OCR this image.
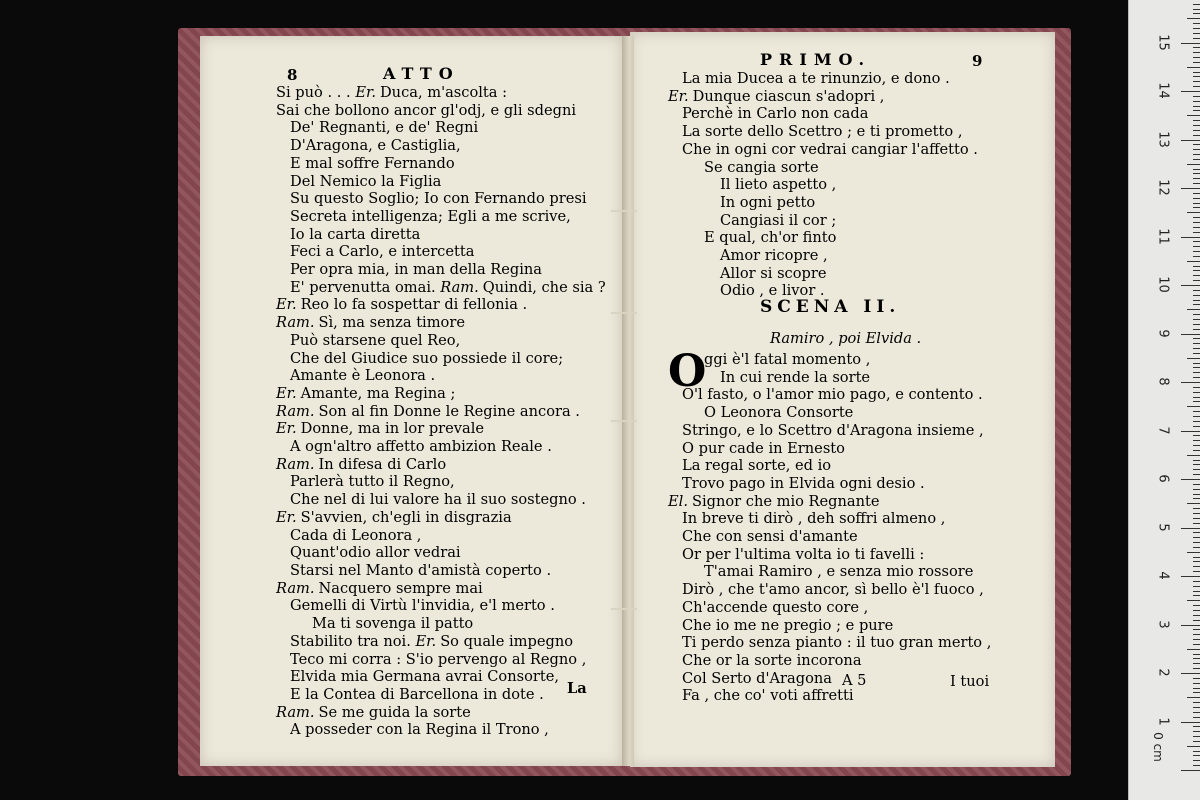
8	ATTO
Si può . . . Er. Duca, m'ascolta :
Sai che bollono ancor gl'odj, e gli sdegni
De' Regnanti, e de' Regni
D'Aragona, e Castiglia,
E mal soffre Fernando
Del Nemico la Figlia
Su questo Soglio; Io con Fernando presi
Secreta intelligenza; Egli a me scrive,
Io la carta diretta
Feci a Carlo, e intercetta
Per opra mia, in man della Regina
E' pervenutta omai. Ram. Quindi, che sia ?
Er. Reo lo fa sospettar di fellonia .
Ram. Sì, ma senza timore
Può starsene quel Reo,
Che del Giudice suo possiede il core;
Amante è Leonora .
Er. Amante, ma Regina ;
Ram. Son al fin Donne le Regine ancora .
Er. Donne, ma in lor prevale
A ogn'altro affetto ambizion Reale .
Ram. In difesa di Carlo
Parlerà tutto il Regno,
Che nel di lui valore ha il suo sostegno .
Er. S'avvien, ch'egli in disgrazia
Cada di Leonora ,
Quant'odio allor vedrai
Starsi nel Manto d'amistà coperto .
Ram. Nacquero sempre mai
Gemelli di Virtù l'invidia, e'l merto .
Ma ti sovenga il patto
Stabilito tra noi. Er. So quale impegno
Teco mi corra : S'io pervengo al Regno ,
Elvida mia Germana avrai Consorte,
E la Contea di Barcellona in dote .
Ram. Se me guida la sorte
A posseder con la Regina il Trono ,
La
PRIMO.	9
La mia Ducea a te rinunzio, e dono .
Er. Dunque ciascun s'adopri ,
Perchè in Carlo non cada
La sorte dello Scettro ; e ti prometto ,
Che in ogni cor vedrai cangiar l'affetto .
Se cangia sorte
Il lieto aspetto ,
In ogni petto
Cangiasi il cor ;
E qual, ch'or finto
Amor ricopre ,
Allor si scopre
Odio , e livor .
SCENA II.
Ramiro , poi Elvida .
O
ggi è'l fatal momento ,
In cui rende la sorte
O'l fasto, o l'amor mio pago, e contento .
O Leonora Consorte
Stringo, e lo Scettro d'Aragona insieme ,
O pur cade in Ernesto
La regal sorte, ed io
Trovo pago in Elvida ogni desio .
El. Signor che mio Regnante
In breve ti dirò , deh soffri almeno ,
Che con sensi d'amante
Or per l'ultima volta io ti favelli :
T'amai Ramiro , e senza mio rossore
Dirò , che t'amo ancor, sì bello è'l fuoco ,
Ch'accende questo core ,
Che io me ne pregio ; e pure
Ti perdo senza pianto : il tuo gran merto ,
Che or la sorte incorona
Col Serto d'Aragona
Fa , che co' voti affretti
A 5	I tuoi
0 cm
1
2
3
4
5
6
7
8
9
10
11
12
13
14
15
